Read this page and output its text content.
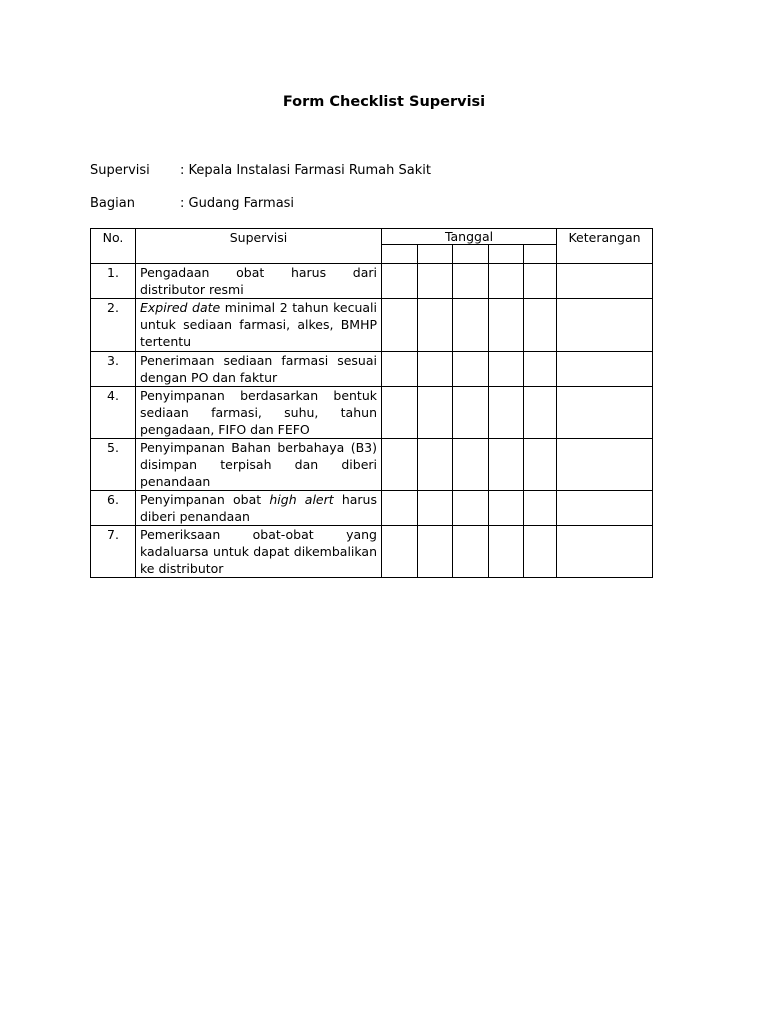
Form Checklist Supervisi
Supervisi : Kepala Instalasi Farmasi Rumah Sakit
Bagian	: Gudang Farmasi
No.	Supervisi	Tanggal					Keterangan

1.	Pengadaan obat harus dari distributor resmi						
2.	Expired date minimal 2 tahun kecuali untuk sediaan farmasi, alkes, BMHP tertentu						
3.	Penerimaan sediaan farmasi sesuai dengan PO dan faktur						
4.	Penyimpanan berdasarkan bentuk sediaan farmasi, suhu, tahun pengadaan, FIFO dan FEFO						
5.	Penyimpanan Bahan berbahaya (B3) disimpan terpisah dan diberi penandaan						
6.	Penyimpanan obat high alert harus diberi penandaan						
7.	Pemeriksaan obat-obat yang kadaluarsa untuk dapat dikembalikan ke distributor						
